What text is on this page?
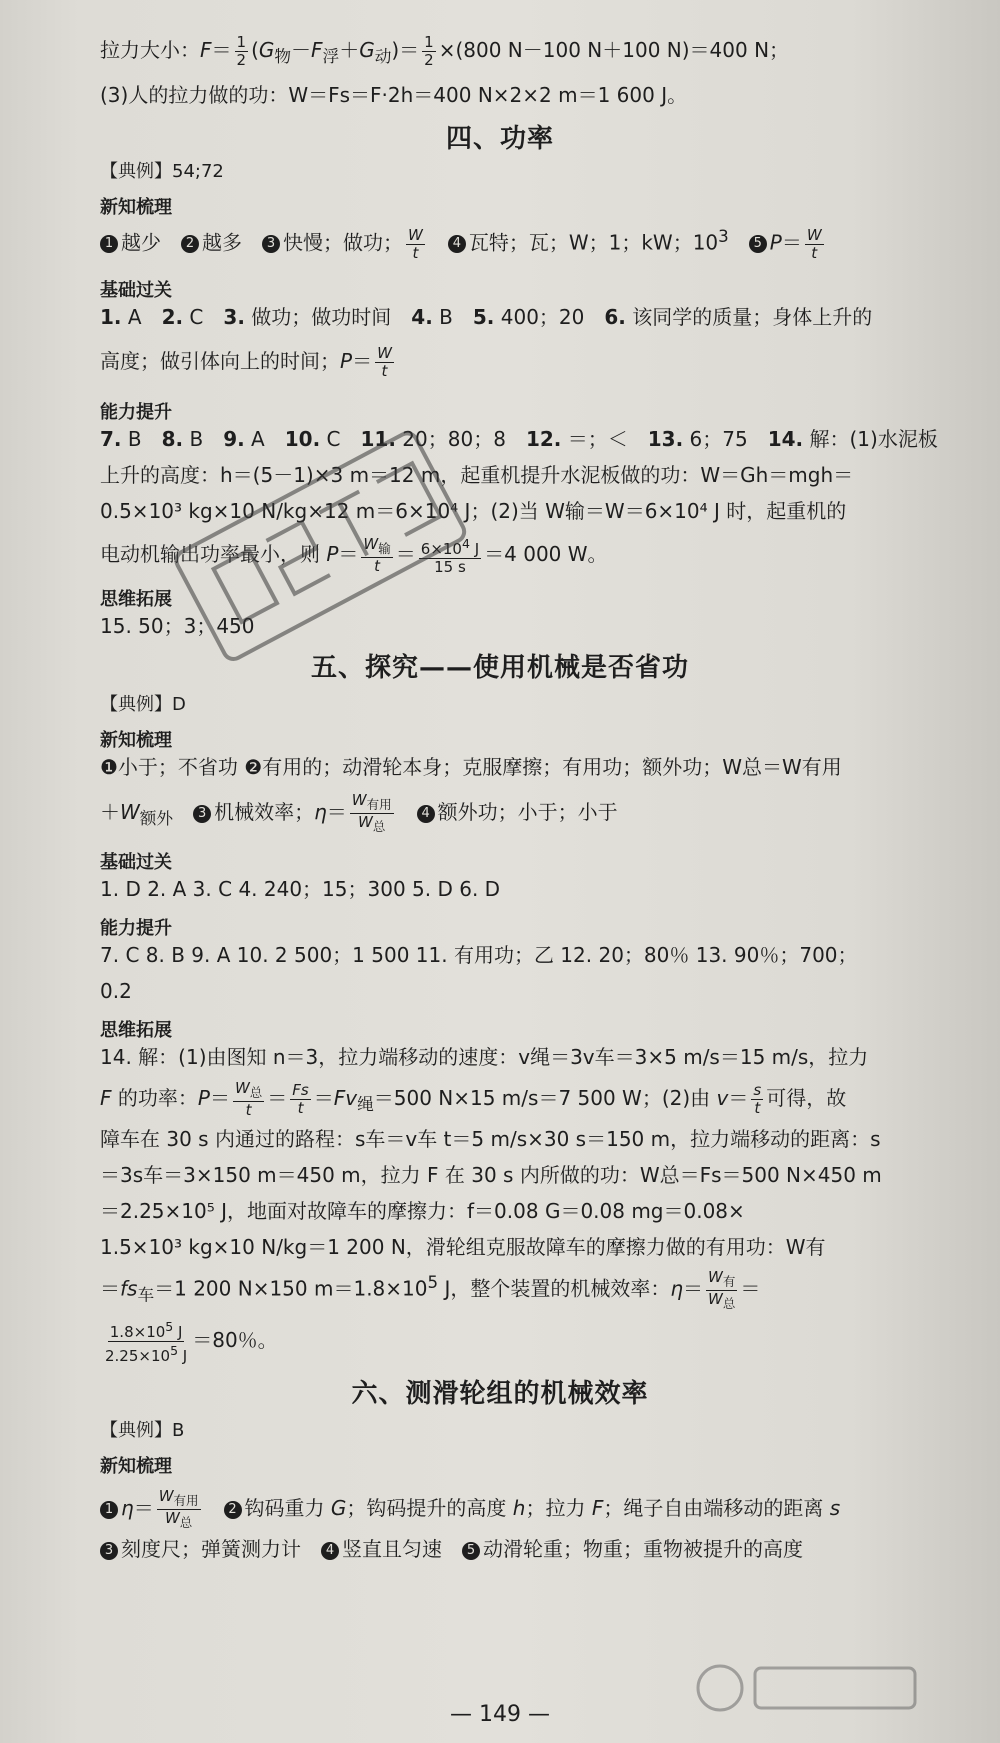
拉力大小：$F= \frac{1}{2} (G_物-F_浮+G_动)= \frac{1}{2} \times(800$ N－100 N＋100 N)＝400 N；
(3)人的拉力做的功：W＝Fs＝F·2h＝400 N×2×2 m＝1 600 J。
四、功率
【典例】54;72
新知梳理
1 越少　2 越多　3 快慢；做功； $\frac{W}{t}$
　 4 瓦特；瓦；W；1；kW；$10^3$　 5 $P= \frac{W}{t}$
基础过关
1. A　2. C　3. 做功；做功时间　4. B　5. 400；20　6. 该同学的质量；身体上升的
高度；做引体向上的时间；$P= \frac{W}{t}$
能力提升
7. B　8. B　9. A　10. C　11. 20；80；8　12. ＝；＜　13. 6；75　14. 解：(1)水泥板
上升的高度：h＝(5－1)×3 m＝12 m，起重机提升水泥板做的功：W＝Gh＝mgh＝
0.5×10³ kg×10 N/kg×12 m＝6×10⁴ J；(2)当 W输＝W＝6×10⁴ J 时，起重机的
电动机输出功率最小，则 $P= \frac{W_输}{t} = \frac{6\times 10^4 J}{15 s} =4$ 000 W。
思维拓展
15. 50；3；450
五、探究——使用机械是否省功
【典例】D
新知梳理
❶小于；不省功 ❷有用的；动滑轮本身；克服摩擦；有用功；额外功；W总＝W有用
$+W_{额外}$　 3 机械效率；$\eta= \frac{W_{有用}}{W_总}$
　 4 额外功；小于；小于
基础过关
1. D 2. A 3. C 4. 240；15；300 5. D 6. D
能力提升
7. C 8. B 9. A 10. 2 500；1 500 11. 有用功；乙 12. 20；80％ 13. 90％；700；
0.2
思维拓展
14. 解：(1)由图知 n＝3，拉力端移动的速度：v绳＝3v车＝3×5 m/s＝15 m/s，拉力
F 的功率：$P= \frac{W_总}{t} = \frac{Fs}{t} =Fv_绳=500$ N×15 m/s＝7 500 W；(2)由 $v= \frac{s}{t}$ 可得，故
障车在 30 s 内通过的路程：s车＝v车 t＝5 m/s×30 s＝150 m，拉力端移动的距离：s
＝3s车＝3×150 m＝450 m，拉力 F 在 30 s 内所做的功：W总＝Fs＝500 N×450 m
＝2.25×10⁵ J，地面对故障车的摩擦力：f＝0.08 G＝0.08 mg＝0.08×
1.5×10³ kg×10 N/kg＝1 200 N，滑轮组克服故障车的摩擦力做的有用功：W有
$=fs_车=1$ 200 N×150 $m=1.8\times 10^5$ J，整个装置的机械效率：$\eta= \frac{W_有}{W_总}$ ＝
$\frac{1.8\times 10^5 J}{2.25\times 10^5 J} =80$％。
六、测滑轮组的机械效率
【典例】B
新知梳理
1 $\eta= \frac{W_{有用}}{W_总}$
　 2 钩码重力 G；钩码提升的高度 h；拉力 F；绳子自由端移动的距离 s
3 刻度尺；弹簧测力计　4 竖直且匀速　5 动滑轮重；物重；重物被提升的高度
— 149 —
